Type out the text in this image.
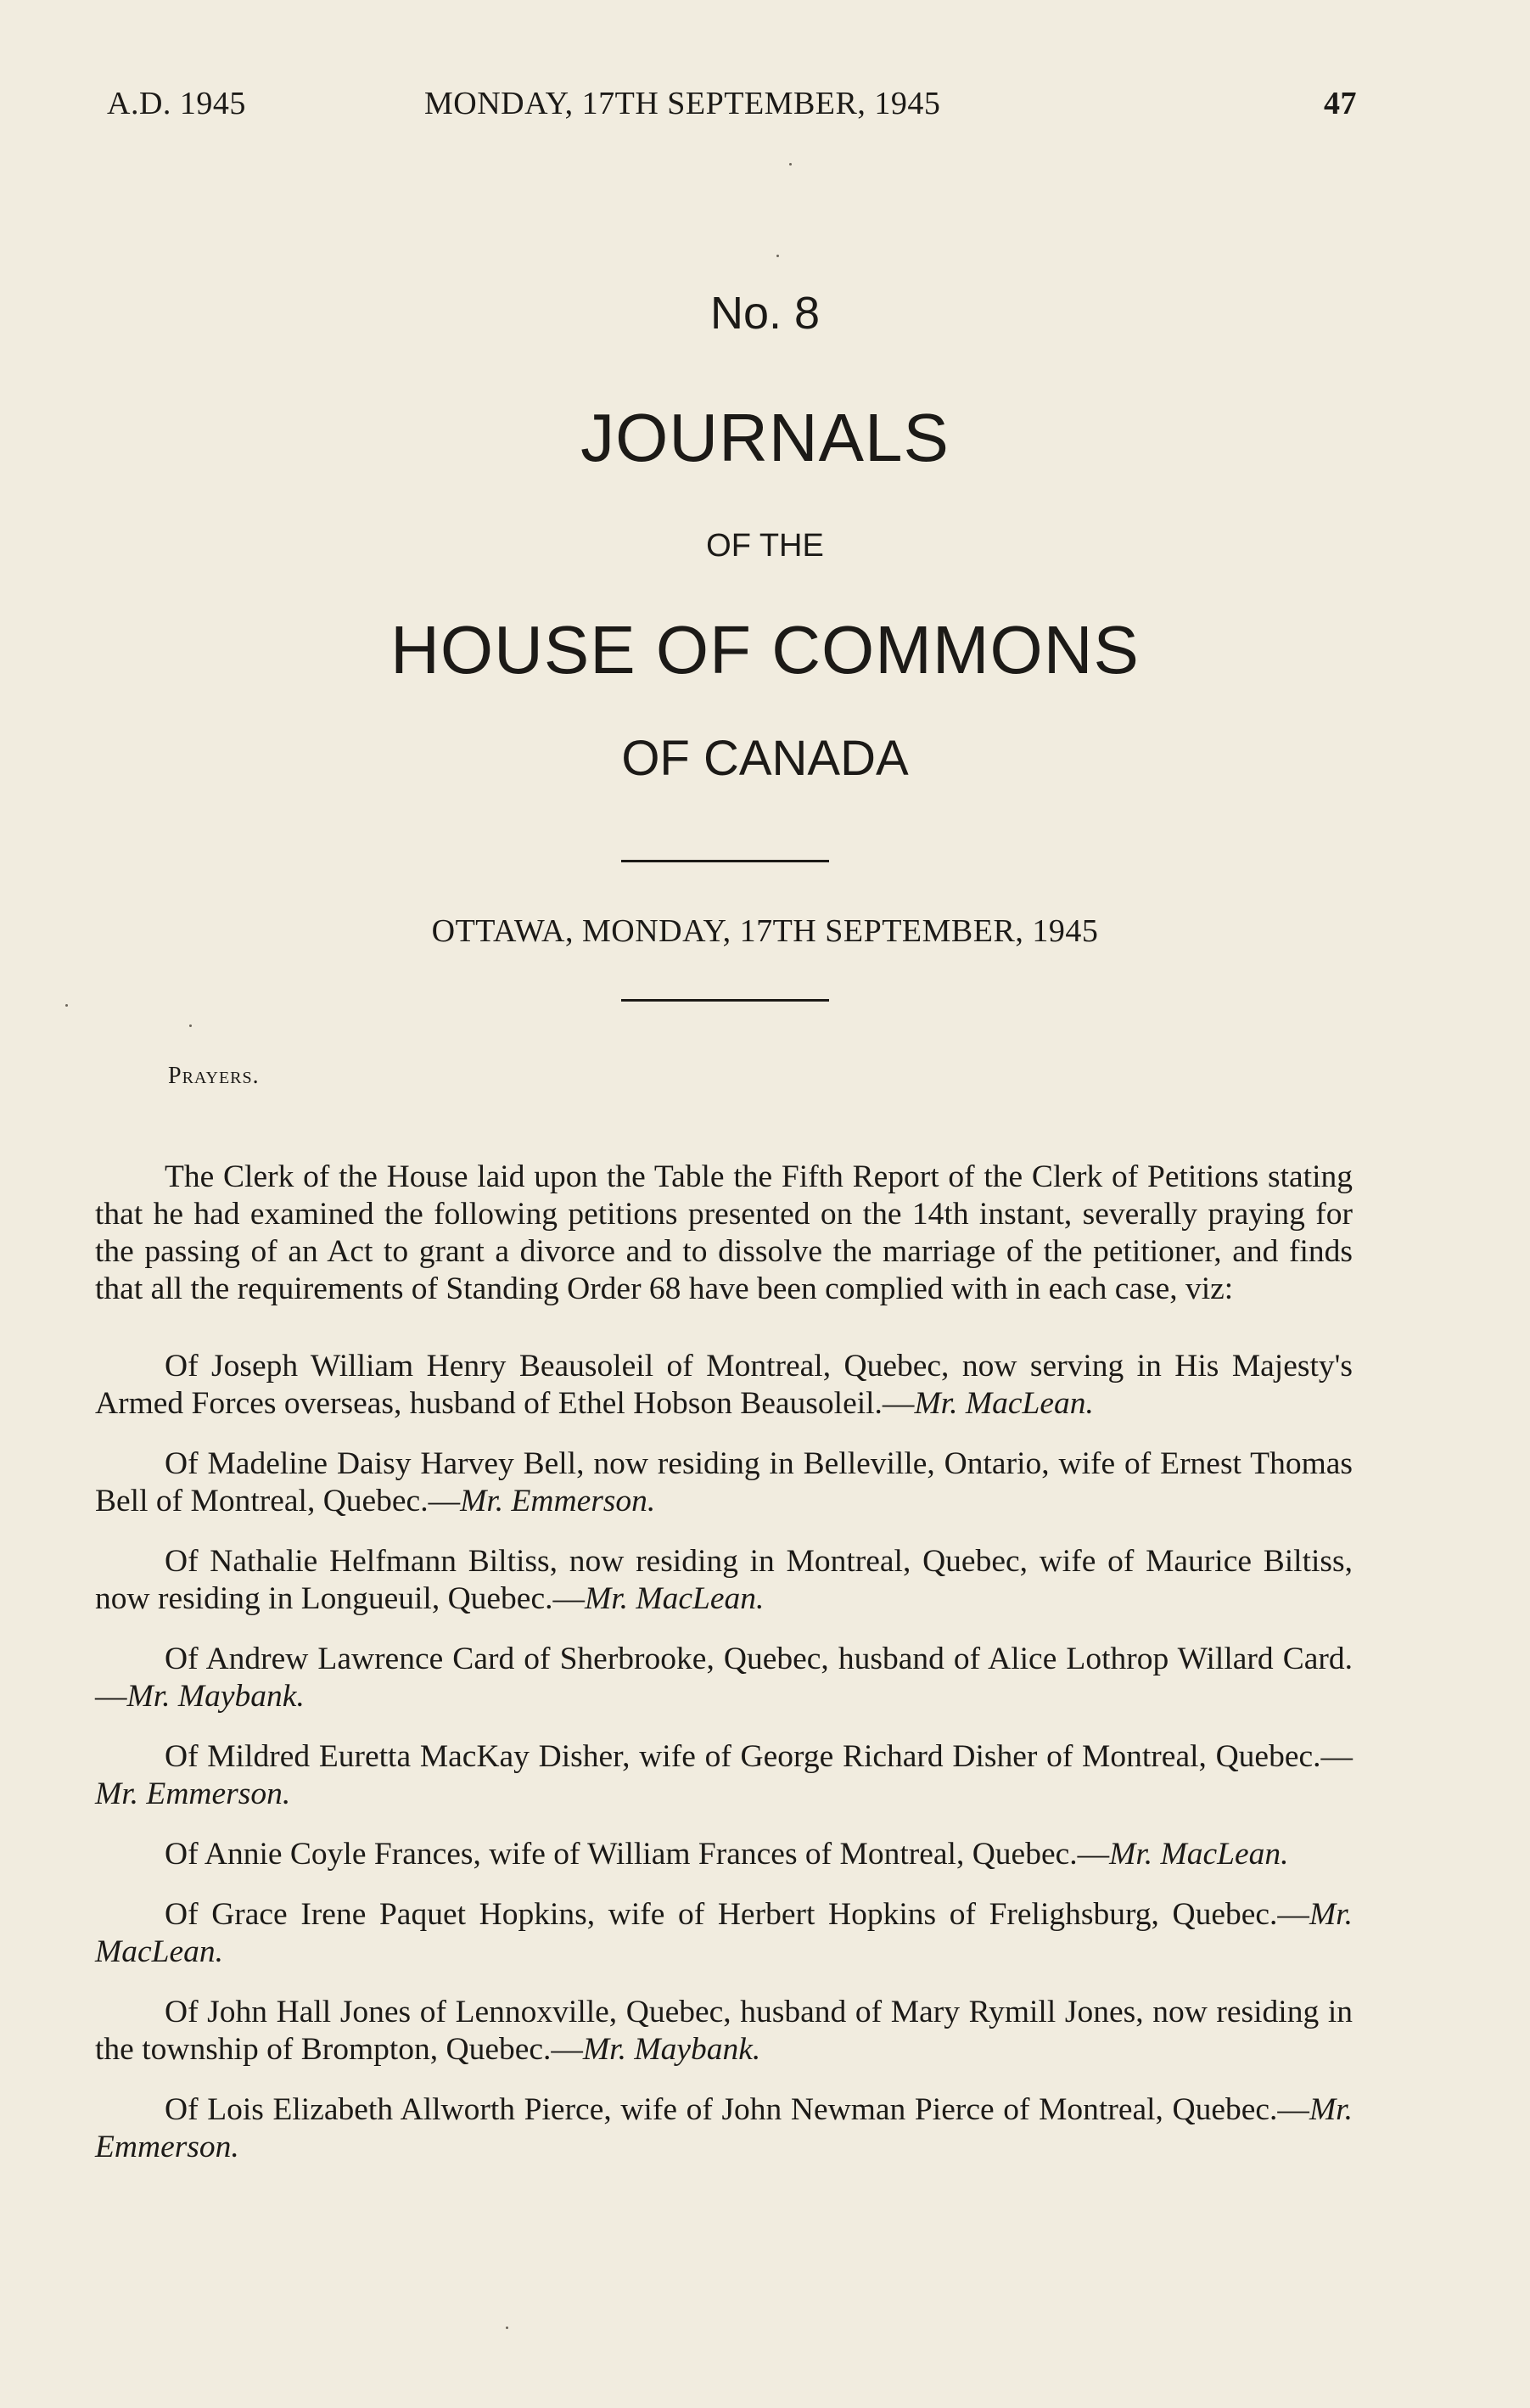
A.D. 1945	MONDAY, 17TH SEPTEMBER, 1945	47
No. 8
JOURNALS
OF THE
HOUSE OF COMMONS
OF CANADA
OTTAWA, MONDAY, 17TH SEPTEMBER, 1945
Prayers.

The Clerk of the House laid upon the Table the Fifth Report of the Clerk of Petitions stating that he had examined the following petitions presented on the 14th instant, severally praying for the passing of an Act to grant a divorce and to dissolve the marriage of the petitioner, and finds that all the requirements of Standing Order 68 have been complied with in each case, viz:

Of Joseph William Henry Beausoleil of Montreal, Quebec, now serving in His Majesty's Armed Forces overseas, husband of Ethel Hobson Beausoleil.—Mr. MacLean.

Of Madeline Daisy Harvey Bell, now residing in Belleville, Ontario, wife of Ernest Thomas Bell of Montreal, Quebec.—Mr. Emmerson.

Of Nathalie Helfmann Biltiss, now residing in Montreal, Quebec, wife of Maurice Biltiss, now residing in Longueuil, Quebec.—Mr. MacLean.

Of Andrew Lawrence Card of Sherbrooke, Quebec, husband of Alice Lothrop Willard Card.—Mr. Maybank.

Of Mildred Euretta MacKay Disher, wife of George Richard Disher of Montreal, Quebec.—Mr. Emmerson.

Of Annie Coyle Frances, wife of William Frances of Montreal, Quebec.—Mr. MacLean.

Of Grace Irene Paquet Hopkins, wife of Herbert Hopkins of Frelighsburg, Quebec.—Mr. MacLean.

Of John Hall Jones of Lennoxville, Quebec, husband of Mary Rymill Jones, now residing in the township of Brompton, Quebec.—Mr. Maybank.

Of Lois Elizabeth Allworth Pierce, wife of John Newman Pierce of Montreal, Quebec.—Mr. Emmerson.
